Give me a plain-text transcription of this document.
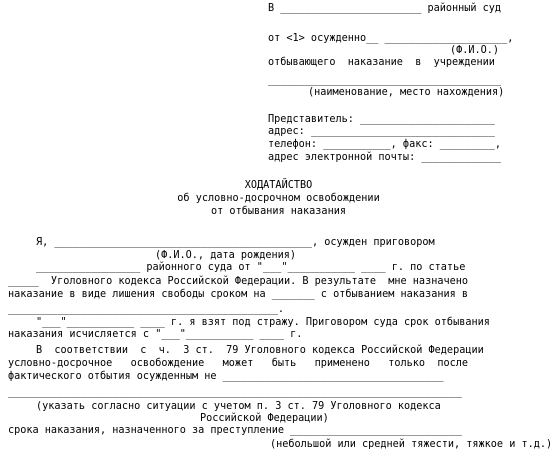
В _______________________ районный суд
от <1> осужденно__ ____________________,
(Ф.И.О.)
отбывающего  наказание  в  учреждении
______________________________________
(наименование, место нахождения)
Представитель: ______________________
адрес: ______________________________
телефон: ___________, факс: _________,
адрес электронной почты: _____________
ХОДАТАЙСТВО
об условно-досрочном освобождении
от отбывания наказания
Я, __________________________________________, осужден приговором
(Ф.И.О., дата рождения)
_________________ районного суда от "___"___________ ____ г. по статье
_____  Уголовного кодекса Российской Федерации. В результате  мне назначено
наказание в виде лишения свободы сроком на _______ с отбыванием наказания в
____________________________________________.
"___"___________ ____ г. я взят под стражу. Приговором суда срок отбывания
наказания исчисляется с "___"___________ ____ г.
В  соответствии  с  ч.  3 ст.  79 Уголовного кодекса Российской Федерации
условно-досрочное   освобождение   может   быть   применено   только  после
фактического отбытия осужденным не ____________________________________
__________________________________________________________________________
(указать согласно ситуации с учетом п. 3 ст. 79 Уголовного кодекса
Российской Федерации)
срока наказания, назначенного за преступление ____________________________
(небольшой или средней тяжести, тяжкое и т.д.)
